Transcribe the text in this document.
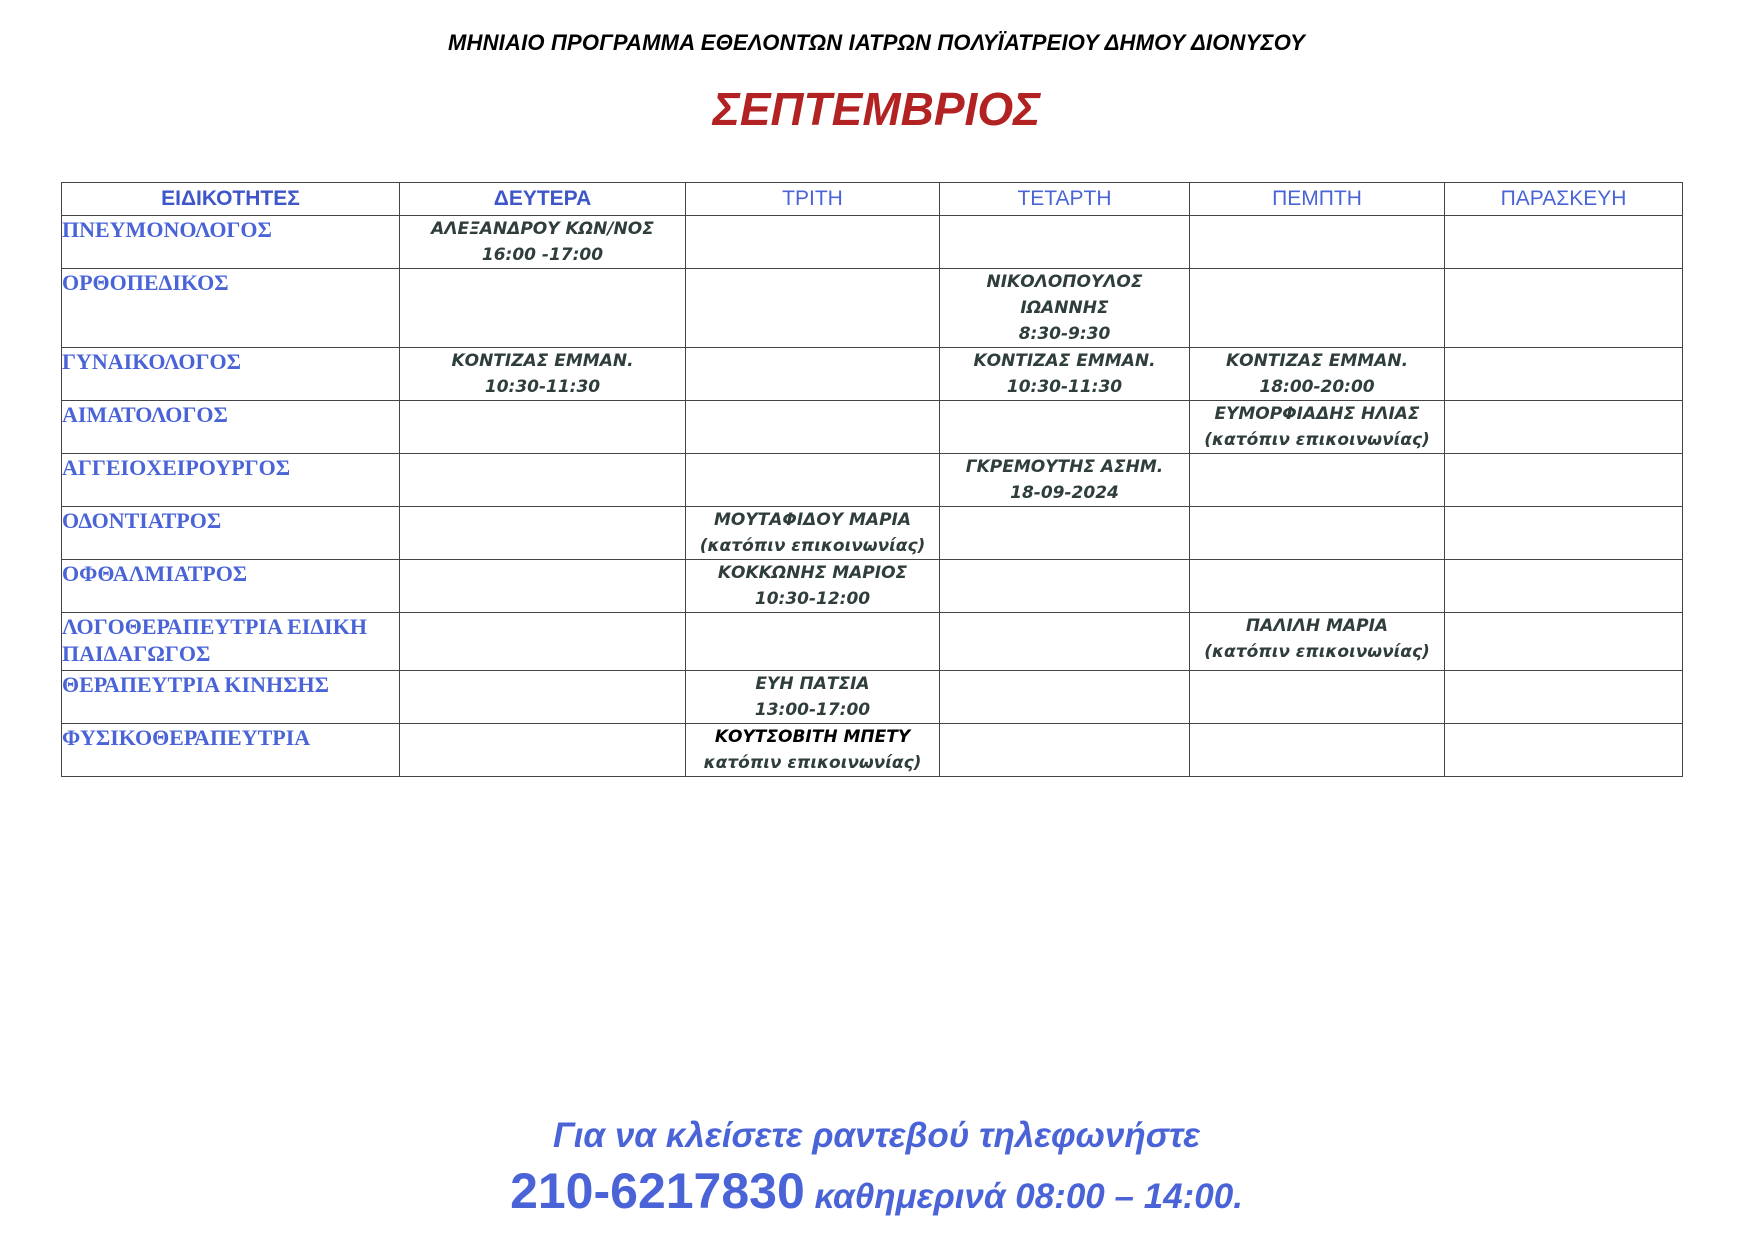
ΜΗΝΙΑΙΟ ΠΡΟΓΡΑΜΜΑ ΕΘΕΛΟΝΤΩΝ ΙΑΤΡΩΝ ΠΟΛΥΪΑΤΡΕΙΟΥ ΔΗΜΟΥ ΔΙΟΝΥΣΟΥ
ΣΕΠΤΕΜΒΡΙΟΣ
ΕΙΔΙΚΟΤΗΤΕΣ	ΔΕΥΤΕΡΑ	ΤΡΙΤΗ	ΤΕΤΑΡΤΗ	ΠΕΜΠΤΗ	ΠΑΡΑΣΚΕΥΗ
ΠΝΕΥΜΟΝΟΛΟΓΟΣ	ΑΛΕΞΑΝΔΡΟΥ ΚΩΝ/ΝΟΣ
16:00 -17:00				

ΟΡΘΟΠΕΔΙΚΟΣ			ΝΙΚΟΛΟΠΟΥΛΟΣ
ΙΩΑΝΝΗΣ
8:30-9:30		

ΓΥΝΑΙΚΟΛΟΓΟΣ	ΚΟΝΤΙΖΑΣ ΕΜΜΑΝ.
10:30-11:30		ΚΟΝΤΙΖΑΣ ΕΜΜΑΝ.
10:30-11:30	ΚΟΝΤΙΖΑΣ ΕΜΜΑΝ.
18:00-20:00	

ΑΙΜΑΤΟΛΟΓΟΣ				ΕΥΜΟΡΦΙΑΔΗΣ ΗΛΙΑΣ
(κατόπιν επικοινωνίας)	

ΑΓΓΕΙΟΧΕΙΡΟΥΡΓΟΣ			ΓΚΡΕΜΟΥΤΗΣ ΑΣΗΜ.
18-09-2024		

ΟΔΟΝΤΙΑΤΡΟΣ		ΜΟΥΤΑΦΙΔΟΥ ΜΑΡΙΑ
(κατόπιν επικοινωνίας)			

ΟΦΘΑΛΜΙΑΤΡΟΣ		ΚΟΚΚΩΝΗΣ ΜΑΡΙΟΣ
10:30-12:00			

ΛΟΓΟΘΕΡΑΠΕΥΤΡΙΑ ΕΙΔΙΚΗ ΠΑΙΔΑΓΩΓΟΣ				ΠΑΛΙΛΗ ΜΑΡΙΑ
(κατόπιν επικοινωνίας)	

ΘΕΡΑΠΕΥΤΡΙΑ ΚΙΝΗΣΗΣ		ΕΥΗ ΠΑΤΣΙΑ
13:00-17:00			

ΦΥΣΙΚΟΘΕΡΑΠΕΥΤΡΙΑ		ΚΟΥΤΣΟΒΙΤΗ ΜΠΕΤΥ
κατόπιν επικοινωνίας)			

Για να κλείσετε ραντεβού τηλεφωνήστε
210-6217830 καθημερινά 08:00 – 14:00.
